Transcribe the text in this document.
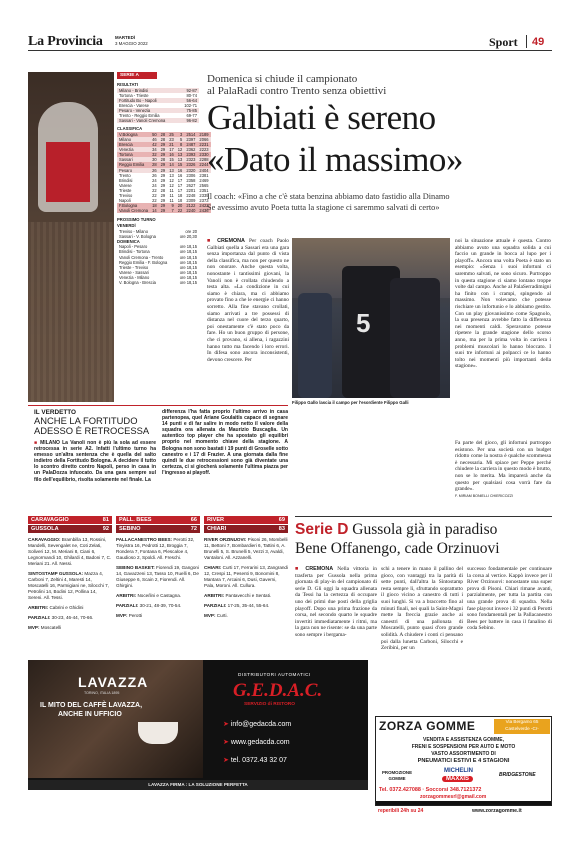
La Provincia	MARTEDÌ
3 MAGGIO 2022	Sport 49
SERIE A
RISULTATI
Milano - Brindisi	92-87
Tortona - Trieste	80-74
Fortitudo Bo - Napoli	56-64
Brescia - Varese	102-71
Pesaro - Venezia	75-85
Trento - Reggio Emilia	69-77
Sassari - Vanoli Cremona	96-82
CLASSIFICA
V.Bologna	50	28	25	3	2514	2189
Milano	46	28	23	5	2397	2066
Brescia	42	29	21	8	2487	2231
Venezia	34	29	17	12	2362	2223
Tortona	32	29	16	13	2393	2330
Sassari	30	28	15	13	2323	2288
Reggio Emilia	28	29	14	15	2326	2244
Pesaro	26	29	13	16	2320	2404
Trento	26	29	13	16	2306	2381
Brindisi	24	29	12	17	2358	2469
Varese	24	29	12	17	2627	2565
Trieste	22	28	11	17	2201	2351
Treviso	22	29	11	18	2248	2335
Napoli	22	29	11	18	2309	2373
F.Bologna	18	29	9	20	2122	2422
Vanoli Cremona	14	29	7	22	2240	2436
PROSSIMO TURNO
VENERDÌ
Treviso - Milano	ore 20
Sassari - V. Bologna	ore 20,30
DOMENICA
Napoli - Pesaro	ore 18,15
Brindisi - Tortona	ore 18,15
Vanoli Cremona - Trento	ore 18,15
Reggio Emilia - F. Bologna	ore 18,15
Trieste - Treviso	ore 18,15
Varese - Sassari	ore 18,15
Venezia - Milano	ore 18,15
V. Bologna - Brescia	ore 18,15
Domenica si chiude il campionato
al PalaRadi contro Trento senza obiettivi
Galbiati è sereno
«Dato il massimo»
Il coach: «Fino a che c'è stata benzina abbiamo dato fastidio alla Dinamo
Se avessimo avuto Poeta tutta la stagione ci saremmo salvati di certo»
■ CREMONA Per coach Paolo Galbiati quella a Sassari era una gara senza importanza dal punto di vista della classifica, ma non per questo ne non onorare. Anche questa volta, nonostante i tantissimi giovani, la Vanoli non è crollata chiudendo a testa alta. «La condizione in cui siamo è chiara, ma ci abbiamo provato fino a che le energie ci hanno sorretto. Alla fine stavano crollati, siamo arrivati a tre possessi di distanza nel cuore del terzo quarto, poi onestamente c'è stato poco da fare. Ho un buon gruppo di persone, che ci provano, si allena, i ragazzini hanno tutto ma facendo i loro errori. In difesa sono ancora inconsistenti, devono crescere. Per
5
Filippo Gallo lascia il campo per l'esordiente Filippo Galli
noi la situazione attuale è questa. Contro abbiamo avuto una squadra solida a cui faccio un grande in bocca al lupo per i playoff». Ancora una volta Poeta è stato un esempio: «Senza i suoi infortuni ci saremmo salvati, ne sono sicuro. Purtroppo in questa stagione ci siamo lontano troppe volte dal campo. Anche al PalaSerradimigni ha finito con i crampi, spingendo al massimo. Non volevamo che potesse rischiare un infortunio e lo abbiamo gestito. Con un play giovanissimo come Spagnolo, la sua presenza avrebbe fatto la differenza nei momenti caldi. Speravamo potesse ripetere la grande stagione dello scorso anno, ma per la prima volta in carriera i problemi muscolari lo hanno bloccato. I suoi tre infortuni ai polpacci ce lo hanno tolto nei momenti più importanti della stagione».
Fa parte del gioco, gli infortuni purtroppo esistono. Per una società con un budget ridotto come la nostra è qualche scommessa è necessaria. Mi spiace per Peppe perché chiudere la carriera in questo modo è brutto, non se lo merita. Ma imparerà anche da questo per qualsiasi cosa vorrà fare da grande».
F. MIRIAM BONIELLI CHIERICOZZI
IL VERDETTO
ANCHE LA FORTITUDO
ADESSO È RETROCESSA
■ MILANO La Vanoli non è più la sola ad essere retrocessa in serie A2. Infatti l'ultimo turno ha emesso un'altra sentenza che è quella del salto indietro della Fortitudo Bologna. A decidere il tutto lo scontro diretto contro Napoli, perso in casa in un PalaDozza infuocato. Da una gara sempre sul filo dell'equilibrio, risolta solamente nel finale. La
differenza l'ha fatta proprio l'ultimo arrivo in casa partenopea, quel Ariane Goulaitis capace di segnare 14 punti e di far salire in modo netto il valore della squadra ora allenata da Maurizio Buscaglia. Un autentico top player che ha spostato gli equilibri proprio nel momento chiave della stagione. A Bologna non sono bastati i 19 punti di Groselle sotto canestro e i 17 di Frazier. A una giornata dalla fine quindi le due retrocessioni sono già diventate una certezza, ci si giocherà solamente l'ultima piazza per l'ingresso ai playoff.
CARAVAGGIO	81
GUSSOLA	92

CARAVAGGIO: Brambilla 13, Rossini, Mandelli, Sevengalet ne, Coti Zelati, Soliveri 12, M. Meriani 8, Ciani 6, Legnormandi 10, Ghilardi 4, Badoni 7, C. Meriani 21. All. Nessi.

SINTOSTAMP GUSSOLA: Mazza 4, Carboni 7, Zeltini 4, Maresti 14, Moscatelli 16, Parmigiani ne, Silocchi 7, Petrolini 14, Bodini 12, Pollina 14, Sereni. All. Tessi.

ARBITRI: Cabrini e Ghidini

PARZIALI: 30-23, 46-44, 70-66.

MVP: Moscatelli

PALL. BEES	66
SEBINO	72

PALLACANESTRO BEES: Perotti 32, Tinyistra 16, Pedrotti 12, Broggia 7, Rondera 7, Fontana 6, Plescaloe 4, Gaudioso 2, Spoldi. All. Freschi.

SEBINO BASKET: Fiorendi 19, Gangoni 14, Gavazzeni 13, Tasso 10, Ruelli 6, De Giuseppe 6, Scain 2, Fiorendi. All. Ghirgini.

ARBITRI: Noce/lini e Castagna.

PARZIALI: 30-21, 48-39, 70-54.

MVP: Perotti

RIVER	69
CHIARI	83

RIVER ORZINUOVI: Pisoni 26, Mombelli 11, Bettoni 7, Bombardieri 6, Tattini 6, A. Brunelli 5, S. Brunelli 5, Vezzi 3, Avaldi, Vantaloni. All. Azzanelli.

CHIARI: Curti 17, Ferrarini 13, Zangrandi 12, Crespi 11, Pesenti 9, Bonomini 8, Mantara 7, Arcaini 6, Dusi, Gaverni, Pala, Moroni. All. Cullura.

ARBITRI: Pantavecchi e Sentati.

PARZIALI: 17-25, 35-44, 55-64.

MVP: Curti.

Serie D Gussola già in paradiso
Bene Offanengo, cade Orzinuovi
■ CREMONA Nella vittoria in trasferta per Gussola nella prima giornata di play-in del campionato di serie D. Gli oggi la squadra allenata da Tessi ha la certezza di occupare uno dei primi due posti della griglia playoff. Dopo una prima frazione da corsa, nel secondo quarto le squadre invertiti immediatamente i ritmi, ma la gara non ne risente: se da una parte sono sempre i bergama-
schi a tenere in mano il pallino del gioco, con vantaggi tra la parità di sette punti, dall'altra la Sintostamp resta sempre lì, sfruttando soprattutto il gioco vicino a canestro di tutti i suoi lunghi. Si va a braccetto fino al minuti finali, nei quali la Saint-Magni mette la freccia grazie anche ai canestri di una pallonata di Moscatelli, punto quasi d'oro grande solidità. A chiudere i conti ci pensano poi dalla lunetta Carboni, Silocchi e Zeribini, per un
successo fondamentale per continuare la corsa al vertice. Kappò invece per il River Orzinuovi: nonostante una super prova di Pisoni. Chiari rimane avanti, parzialmente, per tutta la partita con una grande prova di squadra. Nella fase playout invece i 32 punti di Perotti sono fondamentali per la Pallacanestro Bees per battere in casa il fanalino di coda Sebino.
LAVAZZA
TORINO, ITALIA 1895
IL MITO DEL CAFFÈ LAVAZZA,
ANCHE IN UFFICIO
DISTRIBUTORI AUTOMATICI
G.E.D.A.C.
SERVIZIO di RISTORO
➤ info@gedacda.com
➤ www.gedacda.com
➤ tel. 0372.43 32 07
LAVAZZA FIRMA : LA SOLUZIONE PERFETTA
ZORZA GOMME	Via Bergamo 65
Castelverde -Cr-
VENDITA E ASSISTENZA GOMME,
FRENI E SOSPENSIONI PER AUTO E MOTO
VASTO ASSORTIMENTO DI
PNEUMATICI ESTIVI E 4 STAGIONI
PROMOZIONE
GOMME
MICHELIN
MAXXIS
BRIDGESTONE
Tel. 0372.427088 · Soccorsi 348.7121372
zorzagommesrl@gmail.com
reperibili 24h su 24	www.zorzagomme.it
